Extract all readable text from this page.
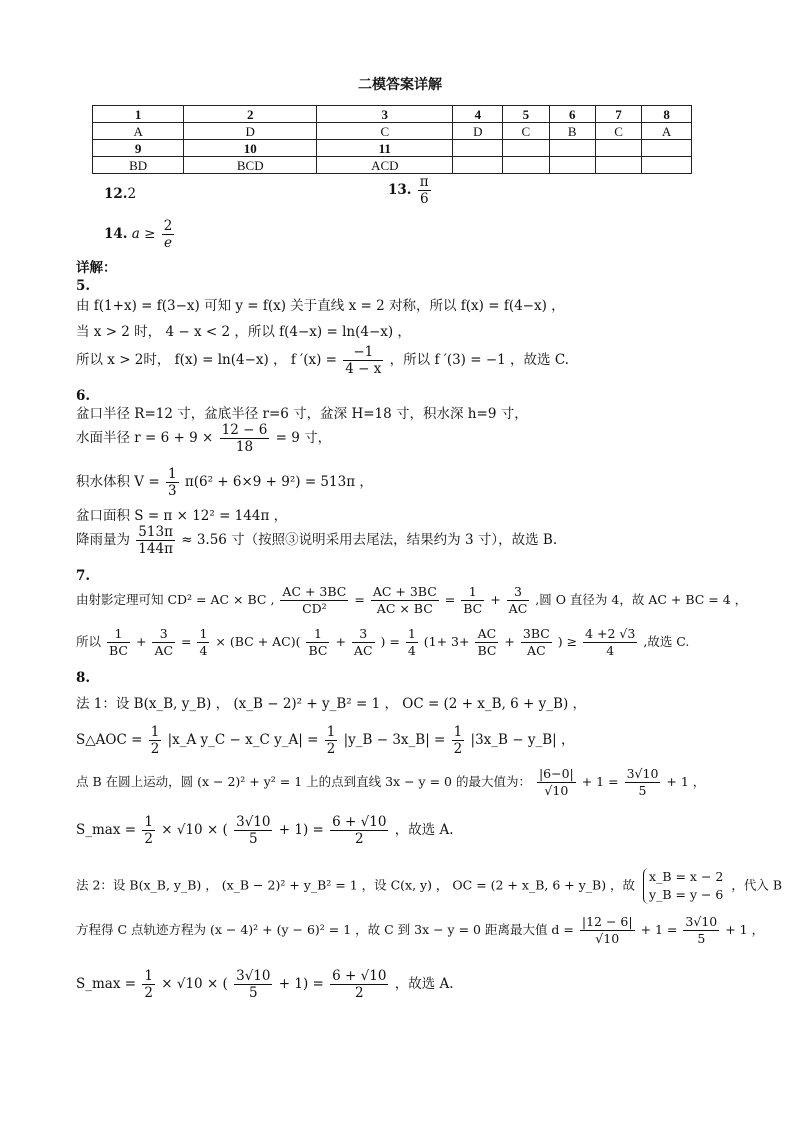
二模答案详解
1	2	3	4	5	6	7	8
A	D	C	D	C	B	C	A
9	10	11					
BD	BCD	ACD					
12.2	13. $\frac{\pi}{6}$
14. $a \ge \frac{2}{e}$
详解：
5.
由 f(1+x) = f(3−x) 可知 y = f(x) 关于直线 x = 2 对称，所以 f(x) = f(4−x) ，
当 x > 2 时， 4 − x < 2 ，所以 f(4−x) = ln(4−x) ，
所以 x > 2时， f(x) = ln(4−x) ， f $'(x) = \frac{-1}{4 - x}$ ，所以 f ′(3) = −1 ，故选 C.
6.
盆口半径 R=12 寸，盆底半径 r=6 寸，盆深 H=18 寸，积水深 h=9 寸，
水面半径 $r = 6 + 9 \times \frac{12 - 6}{18} = 9$ 寸，
积水体积 $V = \frac{1}{3} \pi(6^2 + 6\times 9 + 9^2) = 513\pi$ ，
盆口面积 S = π × 12² = 144π ，
降雨量为 $\frac{513\pi}{144\pi} \approx 3.56$ 寸（按照③说明采用去尾法，结果约为 3 寸），故选 B.
7.
由射影定理可知 CD² = AC × BC , $\frac{AC + 3BC}{\text{CD²}} = \frac{AC + 3BC}{AC \times BC} = \frac{1}{BC} + \frac{3}{AC}$ ,圆 O 直径为 4，故 AC + BC = 4 ，
所以 $\frac{1}{BC} + \frac{3}{AC} = \frac{1}{4} \times (BC + AC)( \frac{1}{BC} + \frac{3}{AC}$ ) = $\frac{1}{4} (1+ 3+ \frac{AC}{BC} + \frac{3BC}{AC}$ ) ≥ $\frac{4 +2 √3}{4}$ ,故选 C.
8.
法 1：设 B(x_B, y_B) ， (x_B − 2)² + y_B² = 1 ， OC = (2 + x_B, 6 + y_B) ，
S△AOC = $\frac{1}{2}$ |x_A y_C − x_C y_A| = $\frac{1}{2}$ |y_B − 3x_B| = $\frac{1}{2}$ |3x_B − y_B| ，
点 B 在圆上运动，圆 (x − 2)² + y² = 1 上的点到直线 3x − y = 0 的最大值为： $\frac{|6-0|}{√10} + 1 = \frac{3√10}{5} + 1$ ，
S_max = $\frac{1}{2} \times √10$ × ( $\frac{3√10}{5} + 1) = \frac{6 + √10}{2}$ ，故选 A.
法 2：设 B(x_B, y_B) ， (x_B − 2)² + y_B² = 1 ，设 C(x, y) ， OC = (2 + x_B, 6 + y_B) ，故
x_B = x − 2
y_B = y − 6
，代入 B
方程得 C 点轨迹方程为 (x − 4)² + (y − 6)² = 1 ，故 C 到 3x − y = 0 距离最大值 $d = \frac{|12 - 6|}{√10} + 1 = \frac{3√10}{5} + 1$ ，
S_max = $\frac{1}{2} \times √10$ × ( $\frac{3√10}{5} + 1) = \frac{6 + √10}{2}$ ，故选 A.
